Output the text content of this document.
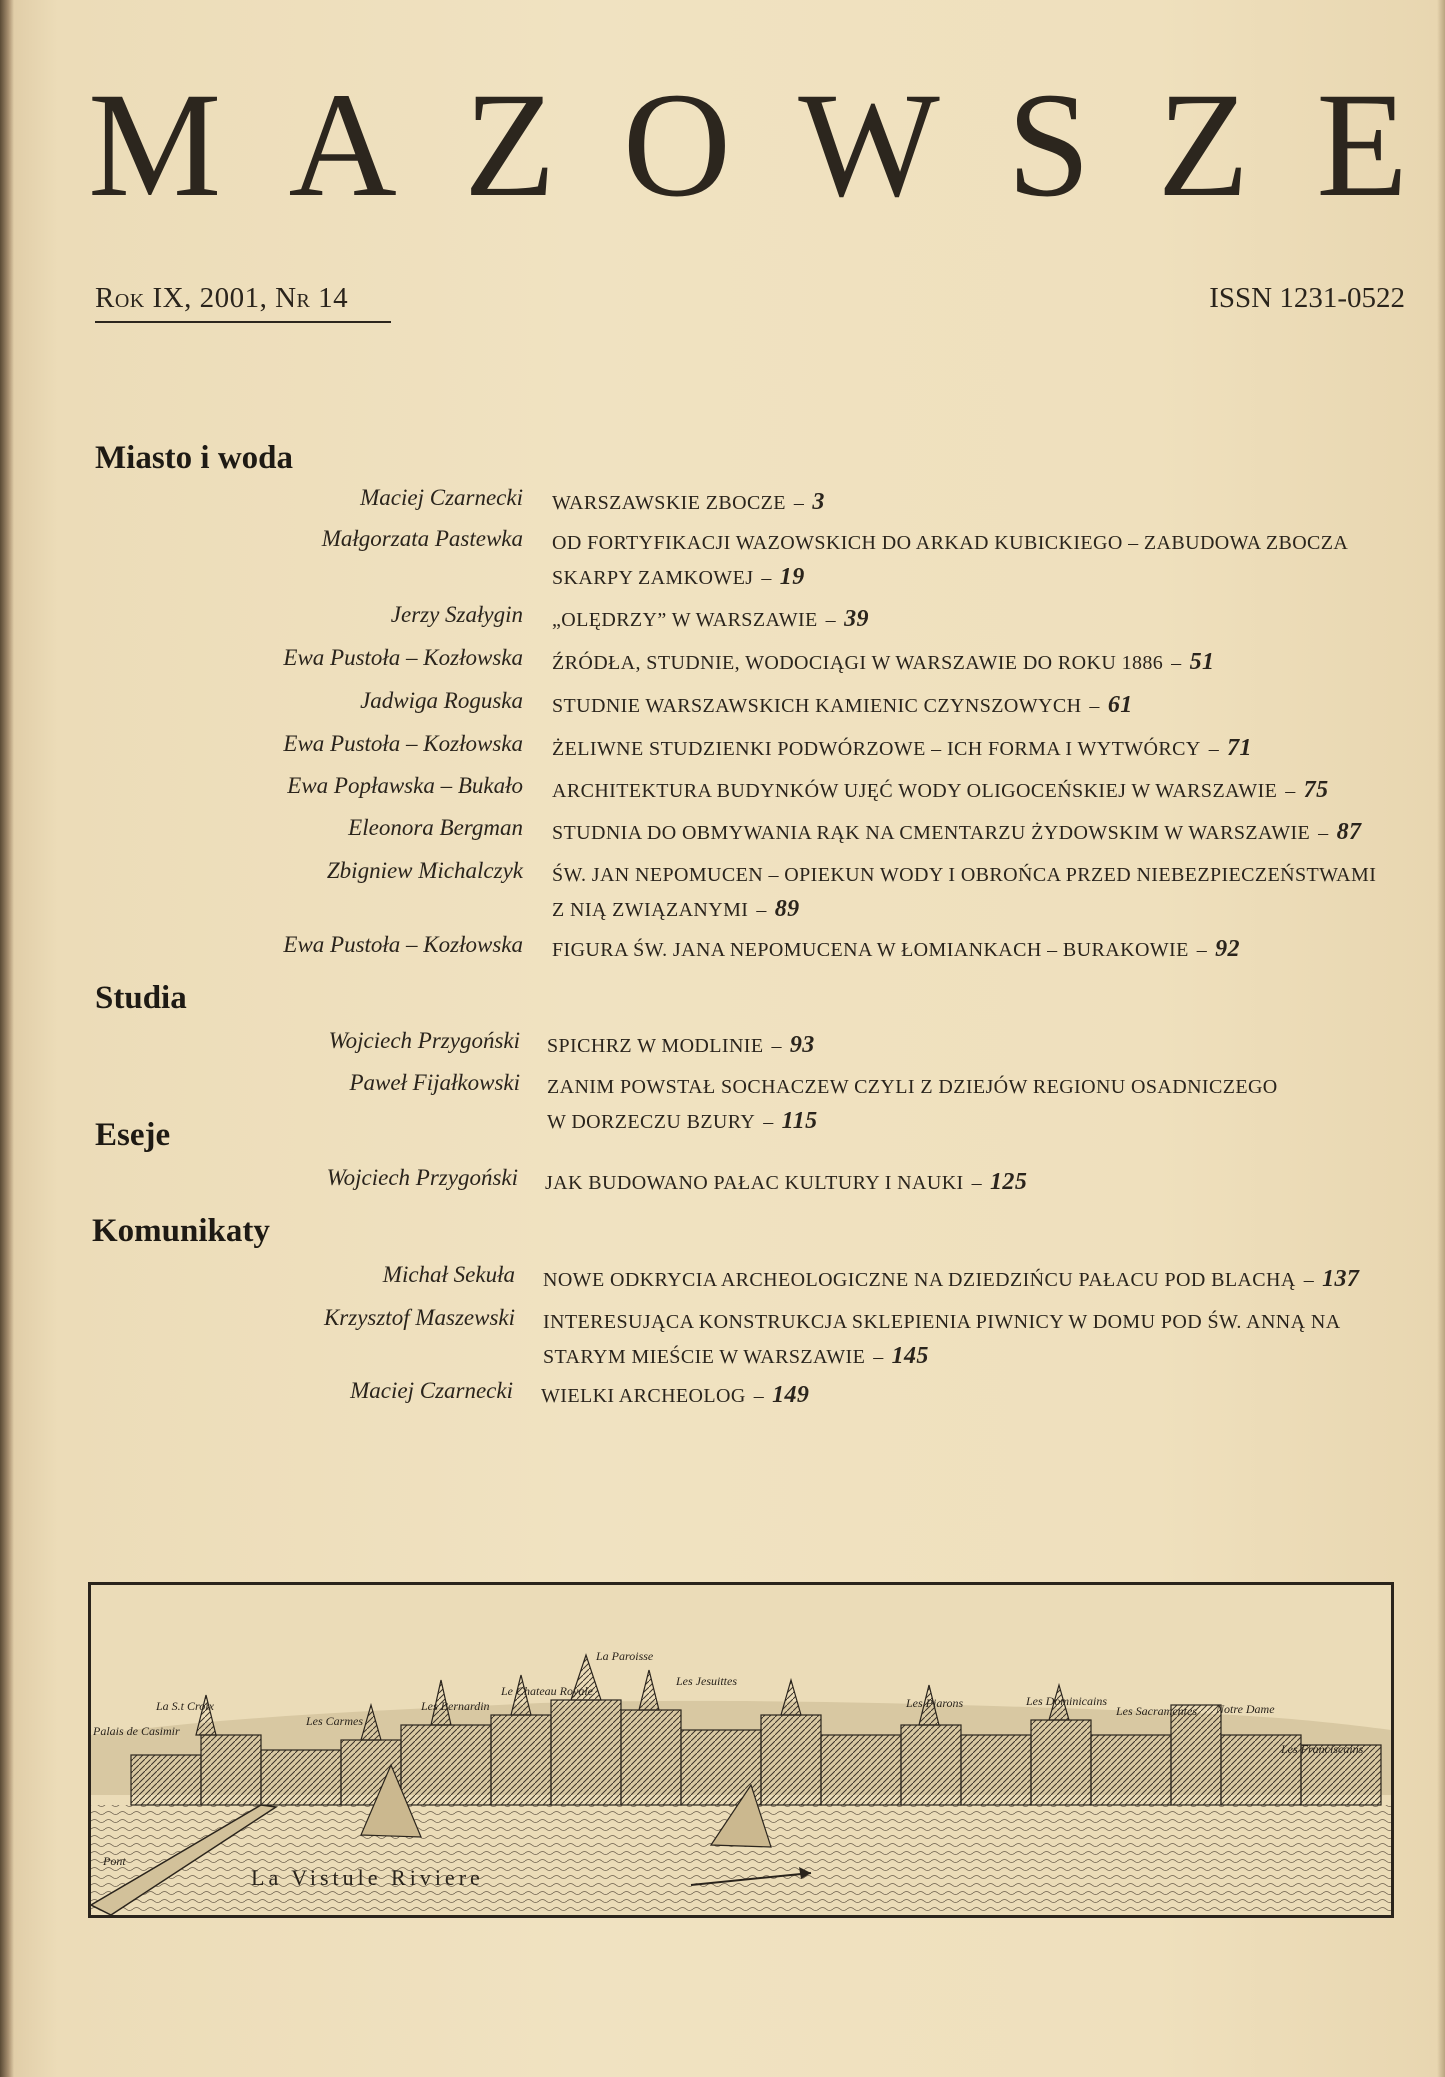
M A Z O W S Z E
Rok IX, 2001, Nr 14	ISSN 1231-0522
Miasto i woda
Maciej Czarnecki WARSZAWSKIE ZBOCZE – 3
Małgorzata Pastewka OD FORTYFIKACJI WAZOWSKICH DO ARKAD KUBICKIEGO – ZABUDOWA ZBOCZA SKARPY ZAMKOWEJ – 19
Jerzy Szałygin „OLĘDRZY” W WARSZAWIE – 39
Ewa Pustoła – Kozłowska ŹRÓDŁA, STUDNIE, WODOCIĄGI W WARSZAWIE DO ROKU 1886 – 51
Jadwiga Roguska STUDNIE WARSZAWSKICH KAMIENIC CZYNSZOWYCH – 61
Ewa Pustoła – Kozłowska ŻELIWNE STUDZIENKI PODWÓRZOWE – ICH FORMA I WYTWÓRCY – 71
Ewa Popławska – Bukało ARCHITEKTURA BUDYNKÓW UJĘĆ WODY OLIGOCEŃSKIEJ W WARSZAWIE – 75
Eleonora Bergman STUDNIA DO OBMYWANIA RĄK NA CMENTARZU ŻYDOWSKIM W WARSZAWIE – 87
Zbigniew Michalczyk ŚW. JAN NEPOMUCEN – OPIEKUN WODY I OBROŃCA PRZED NIEBEZPIECZEŃSTWAMI Z NIĄ ZWIĄZANYMI – 89
Ewa Pustoła – Kozłowska FIGURA ŚW. JANA NEPOMUCENA W ŁOMIANKACH – BURAKOWIE – 92
Studia
Wojciech Przygoński SPICHRZ W MODLINIE – 93
Paweł Fijałkowski ZANIM POWSTAŁ SOCHACZEW CZYLI Z DZIEJÓW REGIONU OSADNICZEGO W DORZECZU BZURY – 115
Eseje
Wojciech Przygoński JAK BUDOWANO PAŁAC KULTURY I NAUKI – 125
Komunikaty
Michał Sekuła NOWE ODKRYCIA ARCHEOLOGICZNE NA DZIEDZIŃCU PAŁACU POD BLACHĄ – 137
Krzysztof Maszewski INTERESUJĄCA KONSTRUKCJA SKLEPIENIA PIWNICY W DOMU POD ŚW. ANNĄ NA STARYM MIEŚCIE W WARSZAWIE – 145
Maciej Czarnecki WIELKI ARCHEOLOG – 149
La Vistule Riviere
Palais de Casimir
La S.t Croix
Les Carmes
Les Bernardin
Le Chateau Royale
La Paroisse
Les Jesuittes
Les Piarons	Les Dominicains
Les Sacramentes Notre Dame
Les Franciscains
Pont
